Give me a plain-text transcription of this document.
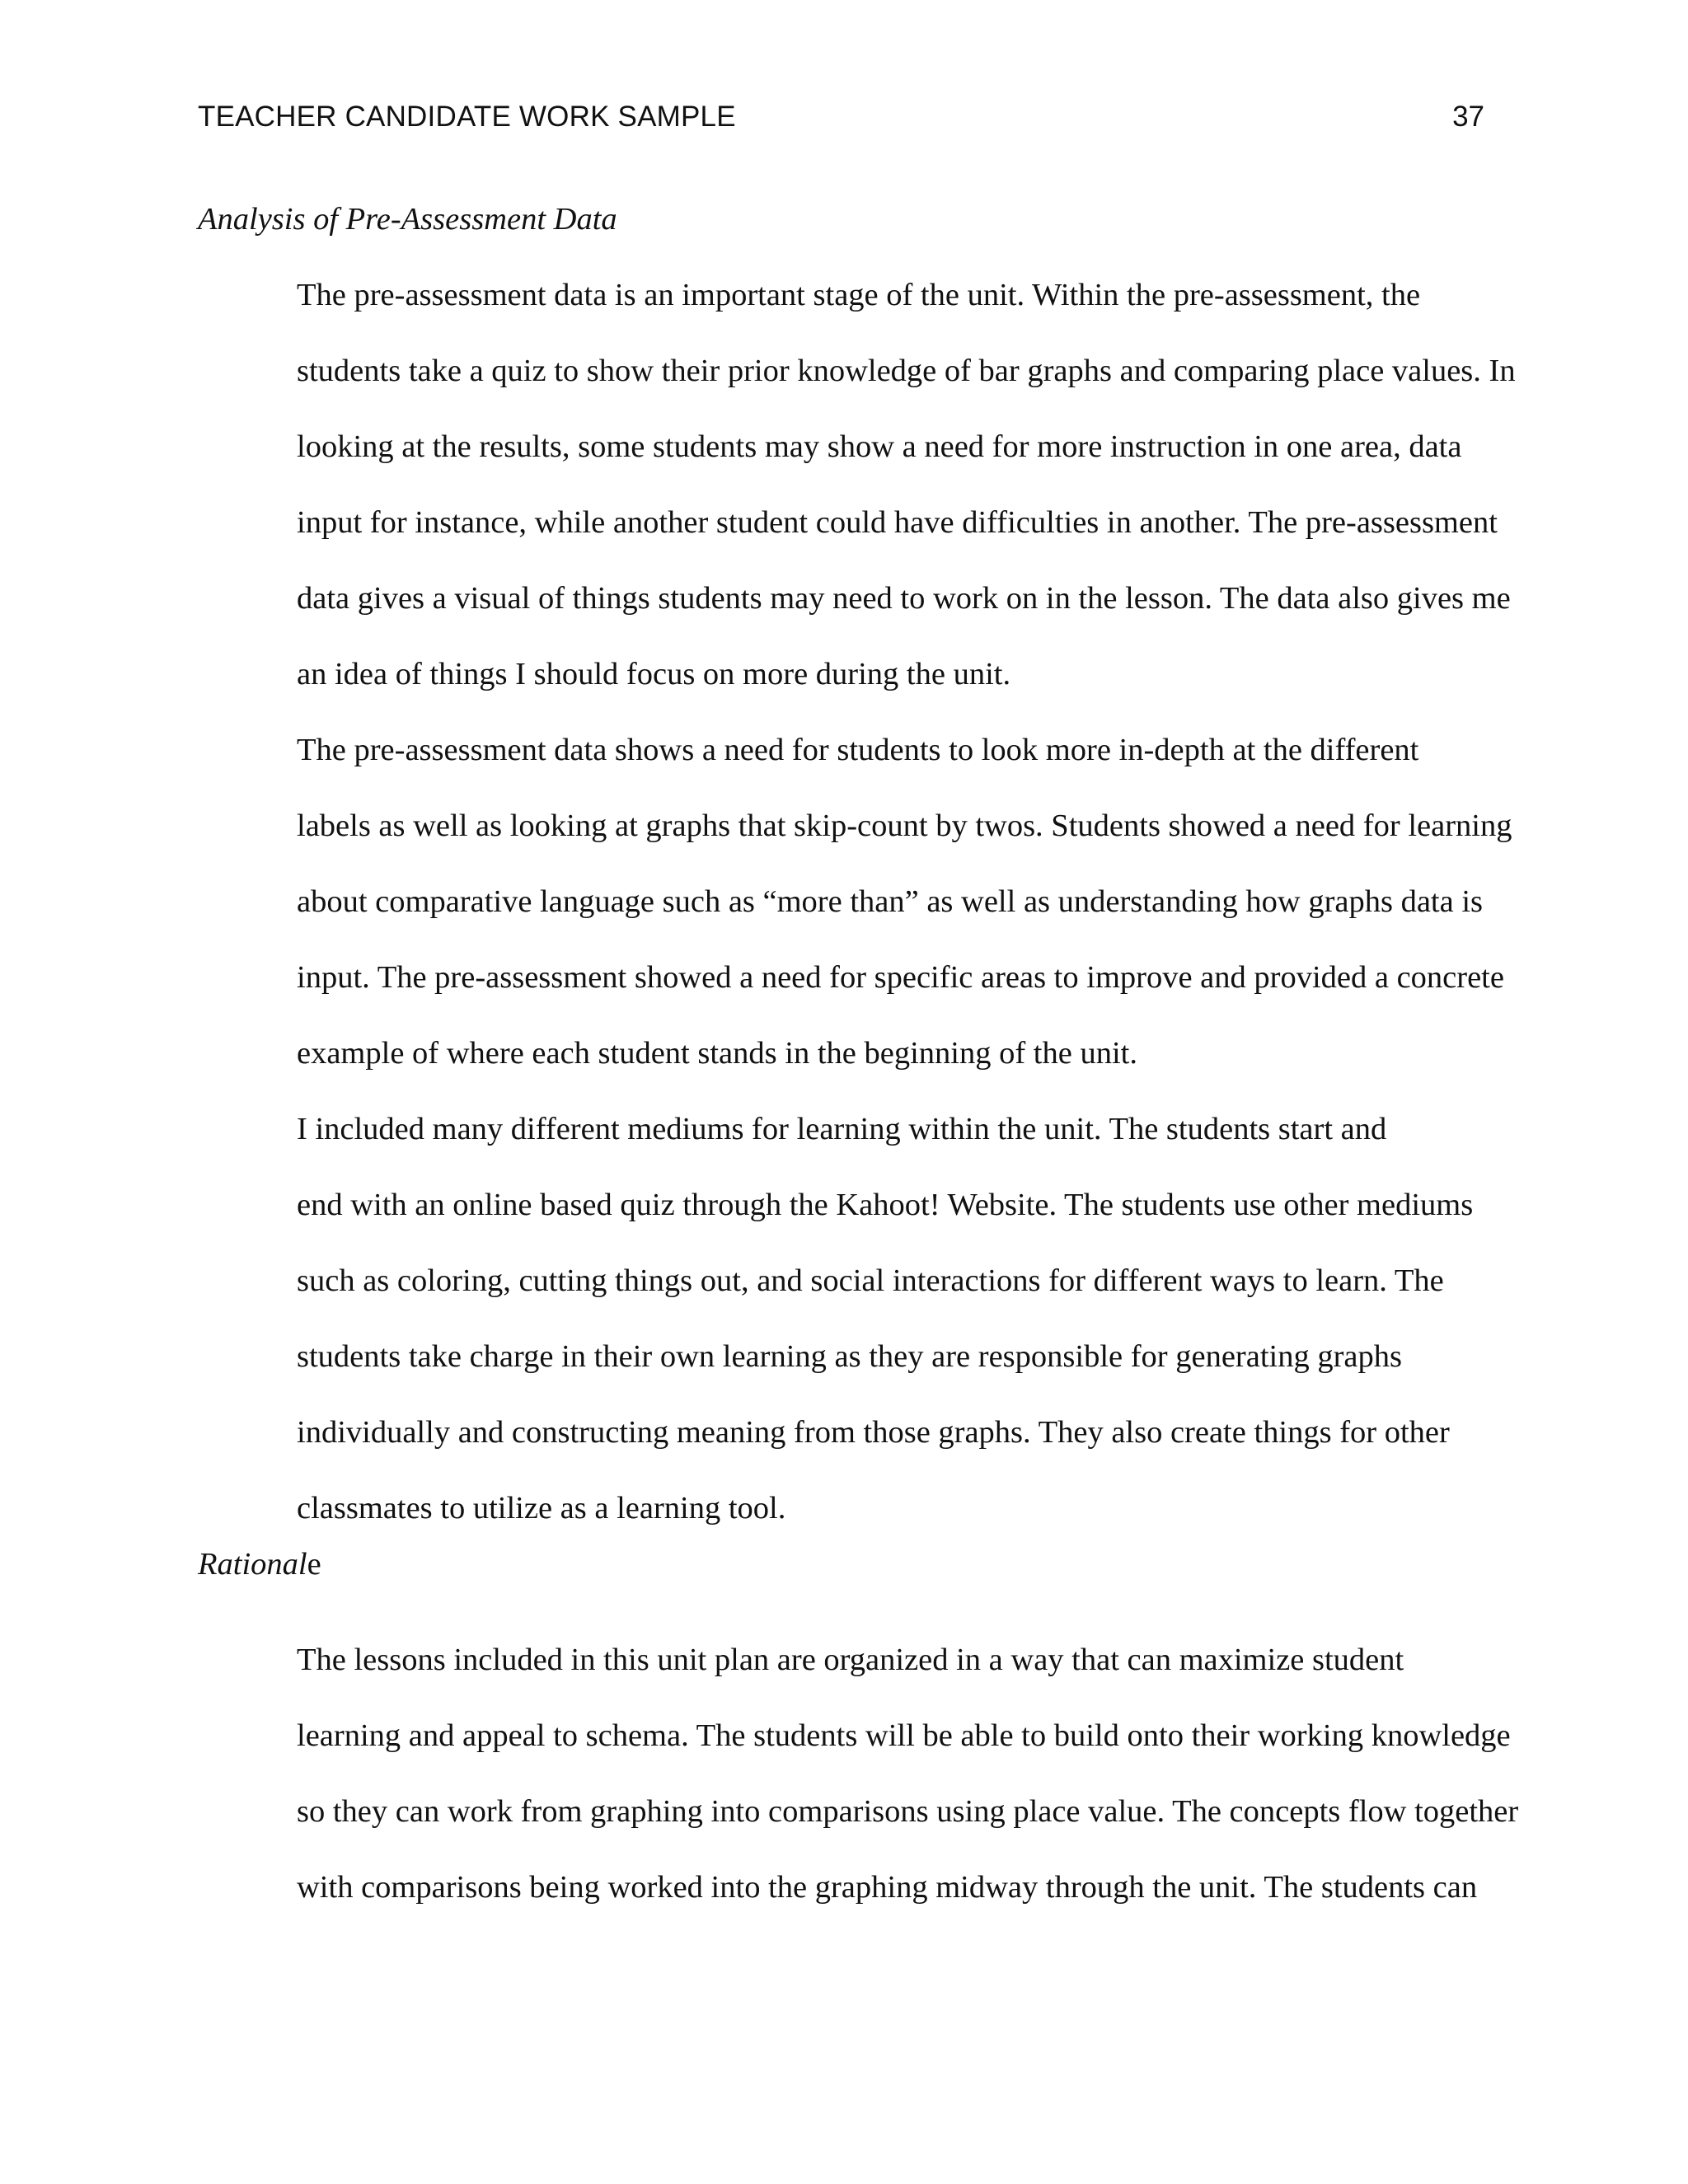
TEACHER CANDIDATE WORK SAMPLE	37
Analysis of Pre-Assessment Data

The pre-assessment data is an important stage of the unit. Within the pre-assessment, the
students take a quiz to show their prior knowledge of bar graphs and comparing place values. In
looking at the results, some students may show a need for more instruction in one area, data
input for instance, while another student could have difficulties in another. The pre-assessment
data gives a visual of things students may need to work on in the lesson. The data also gives me
an idea of things I should focus on more during the unit.

The pre-assessment data shows a need for students to look more in-depth at the different
labels as well as looking at graphs that skip-count by twos. Students showed a need for learning
about comparative language such as “more than” as well as understanding how graphs data is
input. The pre-assessment showed a need for specific areas to improve and provided a concrete
example of where each student stands in the beginning of the unit.

I included many different mediums for learning within the unit. The students start and
end with an online based quiz through the Kahoot! Website. The students use other mediums
such as coloring, cutting things out, and social interactions for different ways to learn. The
students take charge in their own learning as they are responsible for generating graphs
individually and constructing meaning from those graphs. They also create things for other
classmates to utilize as a learning tool.

Rationale

The lessons included in this unit plan are organized in a way that can maximize student
learning and appeal to schema. The students will be able to build onto their working knowledge
so they can work from graphing into comparisons using place value. The concepts flow together
with comparisons being worked into the graphing midway through the unit. The students can
